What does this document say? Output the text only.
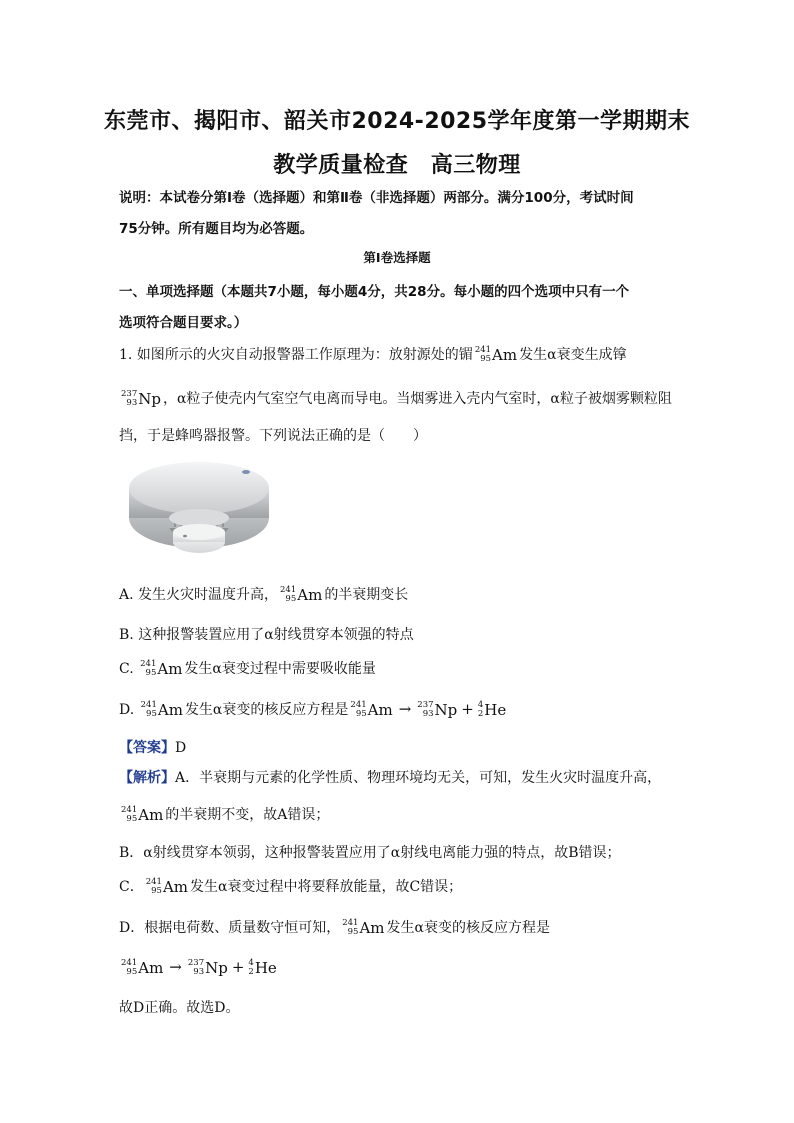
东莞市、揭阳市、韶关市2024-2025学年度第一学期期末
教学质量检查　高三物理
说明：本试卷分第Ⅰ卷（选择题）和第Ⅱ卷（非选择题）两部分。满分100分，考试时间
75分钟。所有题目均为必答题。
第Ⅰ卷选择题
一、单项选择题（本题共7小题，每小题4分，共28分。每小题的四个选项中只有一个
选项符合题目要求。）
1. 如图所示的火灾自动报警器工作原理为：放射源处的镅 241
95 Am 发生α衰变生成镎
237
93 Np ，α粒子使壳内气室空气电离而导电。当烟雾进入壳内气室时，α粒子被烟雾颗粒阻
挡，于是蜂鸣器报警。下列说法正确的是（　　）
A. 发生火灾时温度升高， 241
95 Am 的半衰期变长
B. 这种报警装置应用了α射线贯穿本领强的特点
C. 241
95 Am 发生α衰变过程中需要吸收能量
D. 241
95 Am 发生α衰变的核反应方程是 241
95 Am → 237
93 Np + 4
2 He
【答案】D
【解析】A．半衰期与元素的化学性质、物理环境均无关，可知，发生火灾时温度升高，
241
95 Am 的半衰期不变，故A错误；
B．α射线贯穿本领弱，这种报警装置应用了α射线电离能力强的特点，故B错误；
C． 241
95 Am 发生α衰变过程中将要释放能量，故C错误；
D．根据电荷数、质量数守恒可知， 241
95 Am 发生α衰变的核反应方程是
241
95 Am → 237
93 Np + 4
2 He
故D正确。故选D。
